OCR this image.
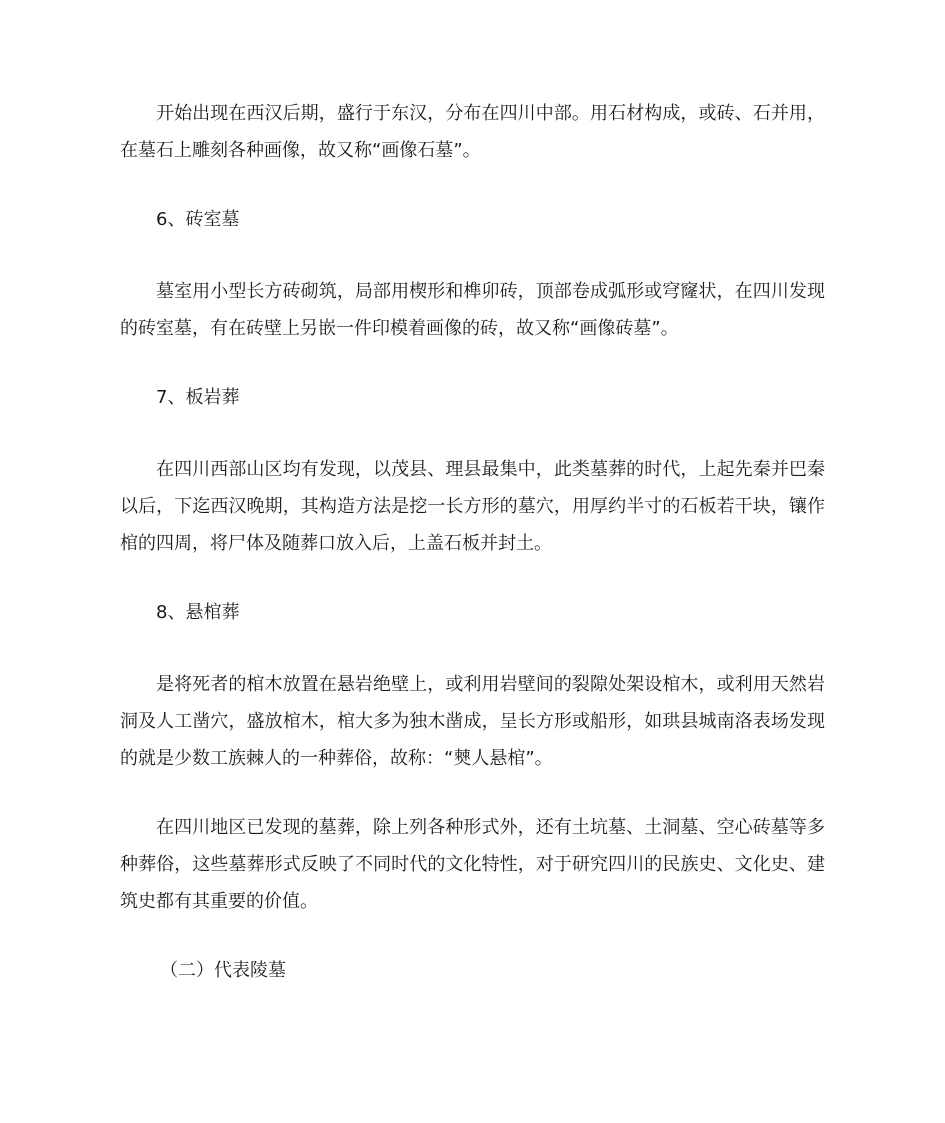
开始出现在西汉后期，盛行于东汉，分布在四川中部。用石材构成，或砖、石并用，在墓石上雕刻各种画像，故又称“画像石墓”。

6、砖室墓

墓室用小型长方砖砌筑，局部用楔形和榫卯砖，顶部卷成弧形或穹窿状，在四川发现的砖室墓，有在砖壁上另嵌一件印模着画像的砖，故又称“画像砖墓”。

7、板岩葬

在四川西部山区均有发现，以茂县、理县最集中，此类墓葬的时代，上起先秦并巴秦以后，下迄西汉晚期，其构造方法是挖一长方形的墓穴，用厚约半寸的石板若干块，镶作棺的四周，将尸体及随葬口放入后，上盖石板并封土。

8、悬棺葬

是将死者的棺木放置在悬岩绝壁上，或利用岩壁间的裂隙处架设棺木，或利用天然岩洞及人工凿穴，盛放棺木，棺大多为独木凿成，呈长方形或船形，如珙县城南洛表场发现的就是少数工族棘人的一种葬俗，故称：“僰人悬棺”。

在四川地区已发现的墓葬，除上列各种形式外，还有土坑墓、土洞墓、空心砖墓等多种葬俗，这些墓葬形式反映了不同时代的文化特性，对于研究四川的民族史、文化史、建筑史都有其重要的价值。

（二）代表陵墓
